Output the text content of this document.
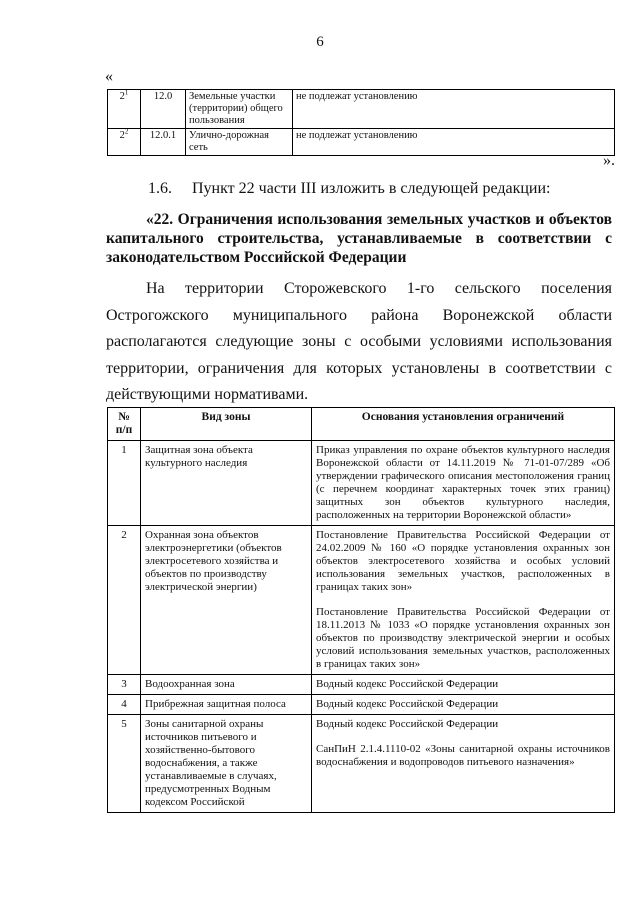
6
«
$2^1$	12.0	Земельные участки (территории) общего пользования	не подлежат установлению
$2^2$	12.0.1	Улично-дорожная сеть	не подлежат установлению
».
1.6. Пункт 22 части III изложить в следующей редакции:
«22. Ограничения использования земельных участков и объектов капитального строительства, устанавливаемые в соответствии с законодательством Российской Федерации
На территории Сторожевского 1-го сельского поселения Острогожского муниципального района Воронежской области располагаются следующие зоны с особыми условиями использования территории, ограничения для которых установлены в соответствии с действующими нормативами.
№ п/п	Вид зоны	Основания установления ограничений
1	Защитная зона объекта культурного наследия	Приказ управления по охране объектов культурного наследия Воронежской области от 14.11.2019 № 71-01-07/289 «Об утверждении графического описания местоположения границ (с перечнем координат характерных точек этих границ) защитных зон объектов культурного наследия, расположенных на территории Воронежской области»

2	Охранная зона объектов электроэнергетики (объектов электросетевого хозяйства и объектов по производству электрической энергии)	Постановление Правительства Российской Федерации от 24.02.2009 № 160 «О порядке установления охранных зон объектов электросетевого хозяйства и особых условий использования земельных участков, расположенных в границах таких зон»

Постановление Правительства Российской Федерации от 18.11.2013 № 1033 «О порядке установления охранных зон объектов по производству электрической энергии и особых условий использования земельных участков, расположенных в границах таких зон»

3	Водоохранная зона	Водный кодекс Российской Федерации

4	Прибрежная защитная полоса	Водный кодекс Российской Федерации

5	Зоны санитарной охраны источников питьевого и хозяйственно-бытового водоснабжения, а также устанавливаемые в случаях, предусмотренных Водным кодексом Российской	Водный кодекс Российской Федерации

СанПиН 2.1.4.1110-02 «Зоны санитарной охраны источников водоснабжения и водопроводов питьевого назначения»
